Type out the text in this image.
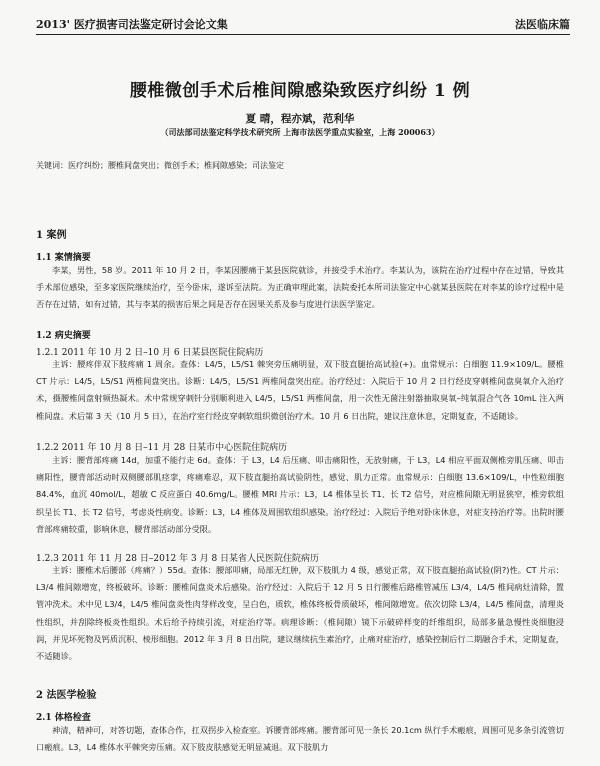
2013' 医疗损害司法鉴定研讨会论文集	法医临床篇
腰椎微创手术后椎间隙感染致医疗纠纷 1 例
夏 晴，程亦斌，范利华
（司法部司法鉴定科学技术研究所 上海市法医学重点实验室，上海 200063）
关键词：医疗纠纷；腰椎间盘突出；微创手术；椎间隙感染；司法鉴定
1 案例
1.1 案情摘要
李某，男性，58 岁。2011 年 10 月 2 日，李某因腰痛于某县医院就诊，并接受手术治疗。李某认为，该院在治疗过程中存在过错，导致其手术部位感染，至多家医院继续治疗，至今卧床，遂诉至法院。为正确审理此案，法院委托本所司法鉴定中心就某县医院在对李某的诊疗过程中是否存在过错，如有过错，其与李某的损害后果之间是否存在因果关系及参与度进行法医学鉴定。
1.2 病史摘要
1.2.1 2011 年 10 月 2 日–10 月 6 日某县医院住院病历
主诉：腰疼伴双下肢疼痛 1 周余。查体：L4/5，L5/S1 棘突旁压痛明显，双下肢直腿抬高试验(+)。血常规示：白细胞 11.9×109/L。腰椎 CT 片示：L4/5，L5/S1 两椎间盘突出。诊断：L4/5，L5/S1 两椎间盘突出症。治疗经过：入院后于 10 月 2 日行经皮穿刺椎间盘臭氧介入治疗术，摄腰椎间盘射频热凝术。术中常规穿刺针分别顺利进入 L4/5，L5/S1 两椎间盘，用一次性无菌注射器抽取臭氧–纯氧混合气各 10mL 注入两椎间盘。术后第 3 天（10 月 5 日），在治疗室行经皮穿刺软组织微创治疗术。10 月 6 日出院，建议注意休息，定期复查，不适随诊。
1.2.2 2011 年 10 月 8 日–11 月 28 日某市中心医院住院病历
主诉：腰背部疼痛 14d，加重不能行走 6d。查体：于 L3，L4 后压痛、叩击痛阳性，无放射痛，于 L3，L4 相应平面双侧椎旁肌压痛、叩击痛阳性，腰背部活动时双侧腰部肌痉挛，疼痛难忍，双下肢直腿抬高试验阴性，感觉、肌力正常。血常规示：白细胞 13.6×109/L，中性粒细胞 84.4%，血沉 40mol/L，超敏 C 反应蛋白 40.6mg/L。腰椎 MRI 片示：L3，L4 椎体呈长 T1、长 T2 信号，对应椎间隙无明显狭窄，椎旁软组织呈长 T1、长 T2 信号，考虑炎性病变。诊断：L3，L4 椎体及周围软组织感染。治疗经过：入院后予绝对卧床休息，对症支持治疗等。出院时腰背部疼痛较重，影响休息，腰背部活动部分受限。
1.2.3 2011 年 11 月 28 日–2012 年 3 月 8 日某省人民医院住院病历
主诉：腰椎术后腰部（疼痛？）55d。查体：腰部叩痛，局部无红肿，双下肢肌力 4 级，感觉正常，双下肢直腿抬高试验(阴?)性。CT 片示：L3/4 椎间隙增宽，终板破坏。诊断：腰椎间盘炎术后感染。治疗经过：入院后于 12 月 5 日行腰椎后路椎管减压 L3/4，L4/5 椎间病灶清除，置管冲洗术。术中见 L3/4，L4/5 椎间盘炎性肉芽样改变，呈白色，质软，椎体终板骨质破坏，椎间隙增宽。依次切除 L3/4，L4/5 椎间盘，清理炎性组织，并刮除终板炎性组织。术后给予持续引流，对症治疗等。病理诊断：（椎间隙）镜下示破碎样变的纤维组织，局部多量急慢性炎细胞浸润，并见坏死物及钙质沉积、棱形细胞。2012 年 3 月 8 日出院，建议继续抗生素治疗，止痛对症治疗，感染控制后行二期融合手术，定期复查，不适随诊。
2 法医学检验
2.1 体格检查
神清，精神可，对答切题，查体合作，扛双拐步入检查室。诉腰背部疼痛。腰背部可见一条长 20.1cm 纵行手术瘢痕，周围可见多条引流管切口瘢痕。L3，L4 椎体水平棘突旁压痛。双下肢皮肤感觉无明显减退。双下肢肌力
